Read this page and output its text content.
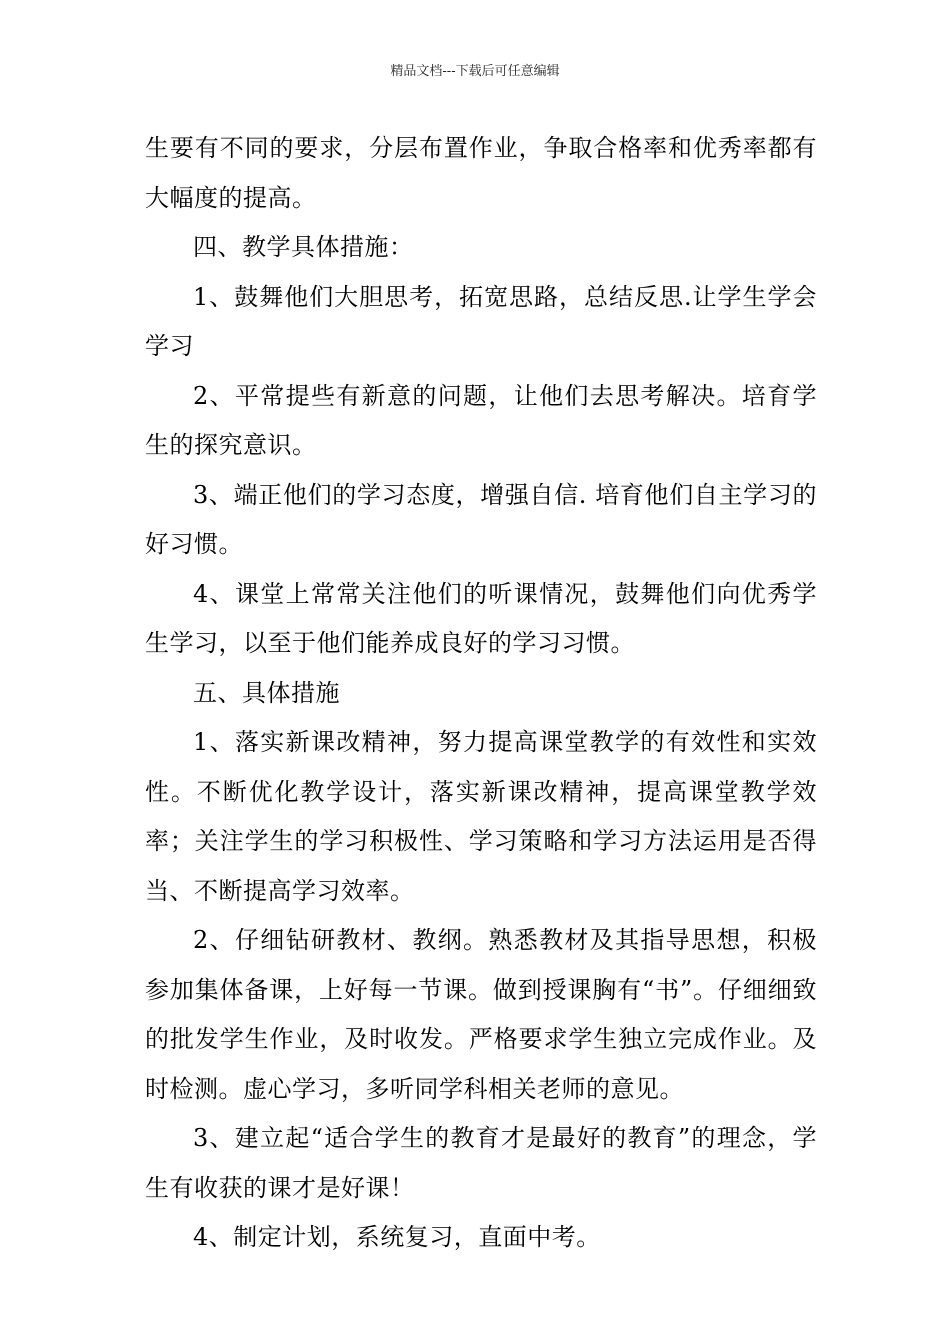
精品文档---下载后可任意编辑

生要有不同的要求，分层布置作业，争取合格率和优秀率都有大幅度的提高。

四、教学具体措施：

1、鼓舞他们大胆思考，拓宽思路，总结反思.让学生学会学习

2、平常提些有新意的问题，让他们去思考解决。培育学生的探究意识。

3、端正他们的学习态度，增强自信. 培育他们自主学习的好习惯。

4、课堂上常常关注他们的听课情况，鼓舞他们向优秀学生学习，以至于他们能养成良好的学习习惯。

五、具体措施

1、落实新课改精神，努力提高课堂教学的有效性和实效性。不断优化教学设计，落实新课改精神，提高课堂教学效率；关注学生的学习积极性、学习策略和学习方法运用是否得当、不断提高学习效率。

2、仔细钻研教材、教纲。熟悉教材及其指导思想，积极参加集体备课，上好每一节课。做到授课胸有“书”。仔细细致的批发学生作业，及时收发。严格要求学生独立完成作业。及时检测。虚心学习，多听同学科相关老师的意见。

3、建立起“适合学生的教育才是最好的教育”的理念，学生有收获的课才是好课！

4、制定计划，系统复习，直面中考。
